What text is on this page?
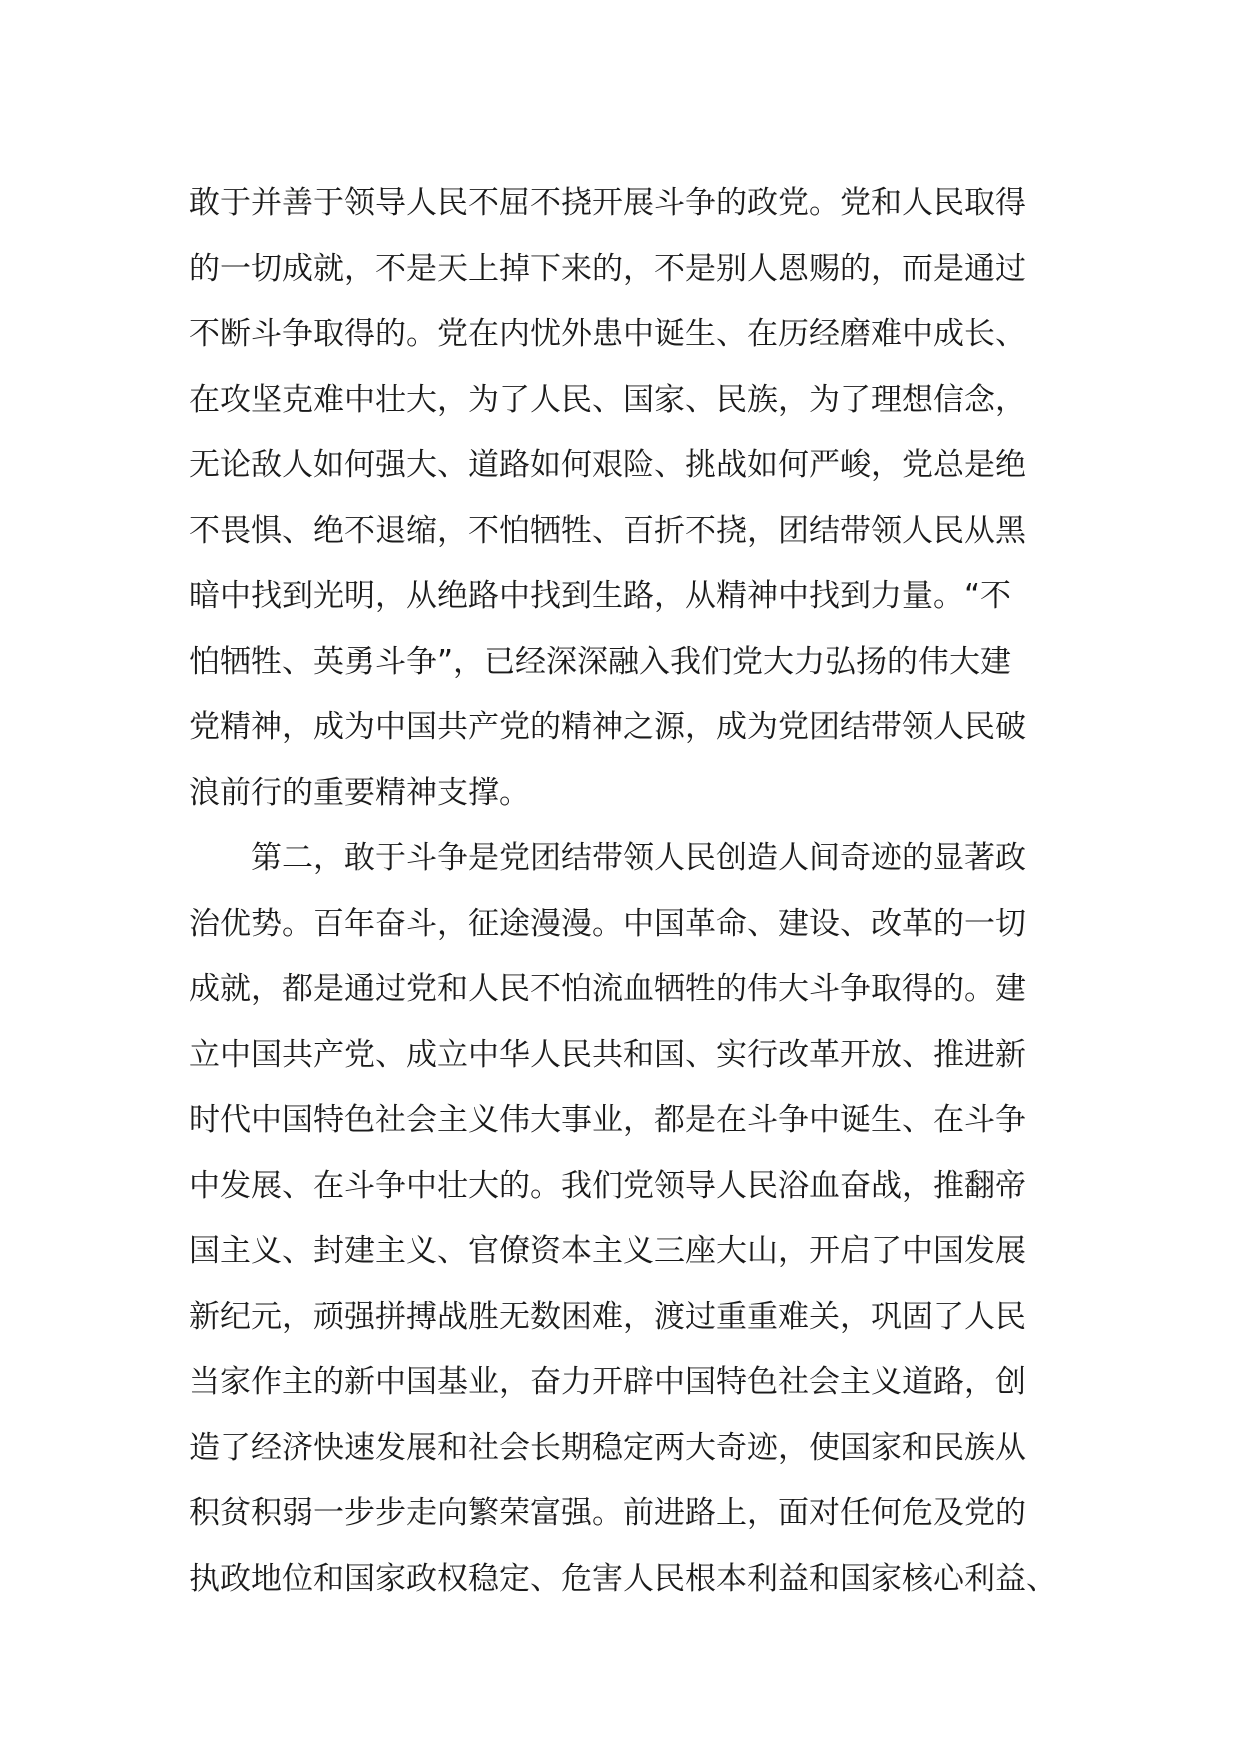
敢于并善于领导人民不屈不挠开展斗争的政党。党和人民取得
的一切成就，不是天上掉下来的，不是别人恩赐的，而是通过
不断斗争取得的。党在内忧外患中诞生、在历经磨难中成长、
在攻坚克难中壮大，为了人民、国家、民族，为了理想信念，
无论敌人如何强大、道路如何艰险、挑战如何严峻，党总是绝
不畏惧、绝不退缩，不怕牺牲、百折不挠，团结带领人民从黑
暗中找到光明，从绝路中找到生路，从精神中找到力量。“不
怕牺牲、英勇斗争”，已经深深融入我们党大力弘扬的伟大建
党精神，成为中国共产党的精神之源，成为党团结带领人民破
浪前行的重要精神支撑。
　　第二，敢于斗争是党团结带领人民创造人间奇迹的显著政
治优势。百年奋斗，征途漫漫。中国革命、建设、改革的一切
成就，都是通过党和人民不怕流血牺牲的伟大斗争取得的。建
立中国共产党、成立中华人民共和国、实行改革开放、推进新
时代中国特色社会主义伟大事业，都是在斗争中诞生、在斗争
中发展、在斗争中壮大的。我们党领导人民浴血奋战，推翻帝
国主义、封建主义、官僚资本主义三座大山，开启了中国发展
新纪元，顽强拼搏战胜无数困难，渡过重重难关，巩固了人民
当家作主的新中国基业，奋力开辟中国特色社会主义道路，创
造了经济快速发展和社会长期稳定两大奇迹，使国家和民族从
积贫积弱一步步走向繁荣富强。前进路上，面对任何危及党的
执政地位和国家政权稳定、危害人民根本利益和国家核心利益、
